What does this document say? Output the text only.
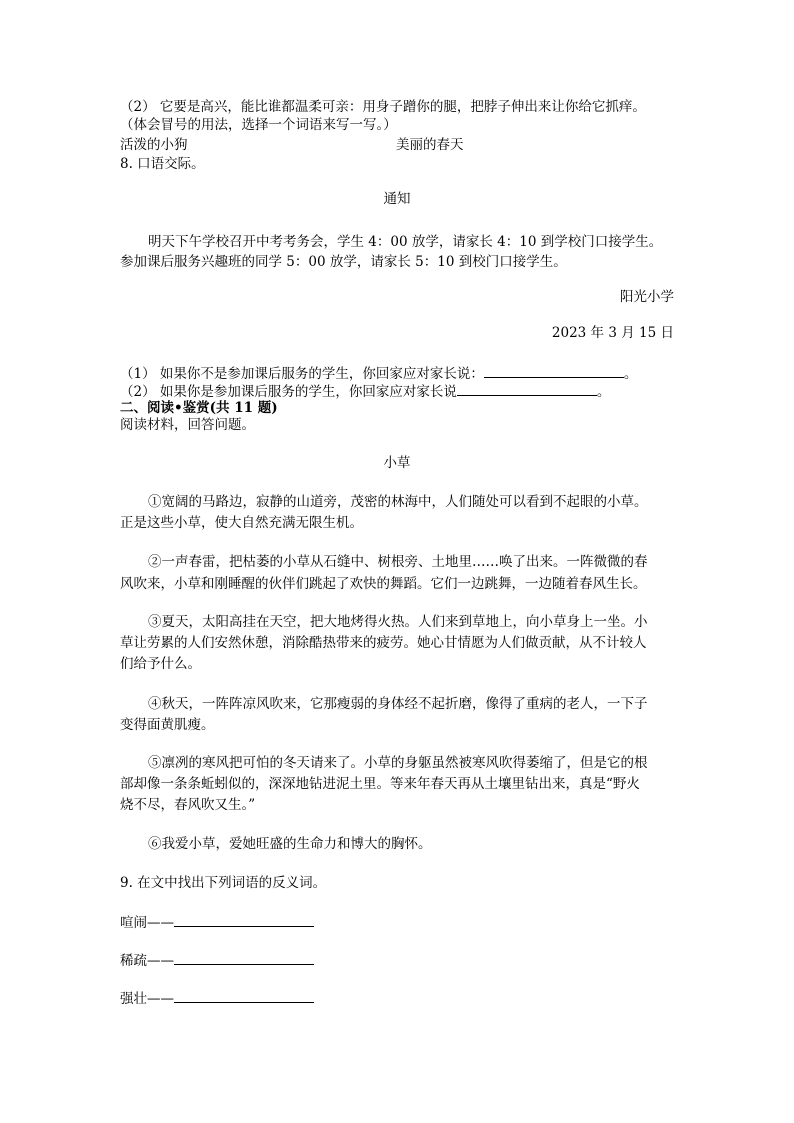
（2） 它要是高兴，能比谁都温柔可亲：用身子蹭你的腿，把脖子伸出来让你给它抓痒。
（体会冒号的用法，选择一个词语来写一写。）
活泼的小狗	美丽的春天
8. 口语交际。
通知
明天下午学校召开中考考务会，学生 4：00 放学，请家长 4：10 到学校门口接学生。
参加课后服务兴趣班的同学 5：00 放学，请家长 5：10 到校门口接学生。
阳光小学
2023 年 3 月 15 日
（1） 如果你不是参加课后服务的学生，你回家应对家长说：	。
（2） 如果你是参加课后服务的学生，你回家应对家长说	。
二、阅读•鉴赏(共 11 题)
阅读材料，回答问题。
小草
①宽阔的马路边，寂静的山道旁，茂密的林海中，人们随处可以看到不起眼的小草。
正是这些小草，使大自然充满无限生机。
②一声春雷，把枯萎的小草从石缝中、树根旁、土地里……唤了出来。一阵微微的春
风吹来，小草和刚睡醒的伙伴们跳起了欢快的舞蹈。它们一边跳舞，一边随着春风生长。
③夏天，太阳高挂在天空，把大地烤得火热。人们来到草地上，向小草身上一坐。小
草让劳累的人们安然休憩，消除酷热带来的疲劳。她心甘情愿为人们做贡献，从不计较人
们给予什么。
④秋天，一阵阵凉风吹来，它那瘦弱的身体经不起折磨，像得了重病的老人，一下子
变得面黄肌瘦。
⑤凛冽的寒风把可怕的冬天请来了。小草的身躯虽然被寒风吹得萎缩了，但是它的根
部却像一条条蚯蚓似的，深深地钻进泥土里。等来年春天再从土壤里钻出来，真是“野火
烧不尽，春风吹又生。”
⑥我爱小草，爱她旺盛的生命力和博大的胸怀。
9. 在文中找出下列词语的反义词。
喧闹——
稀疏——
强壮——
